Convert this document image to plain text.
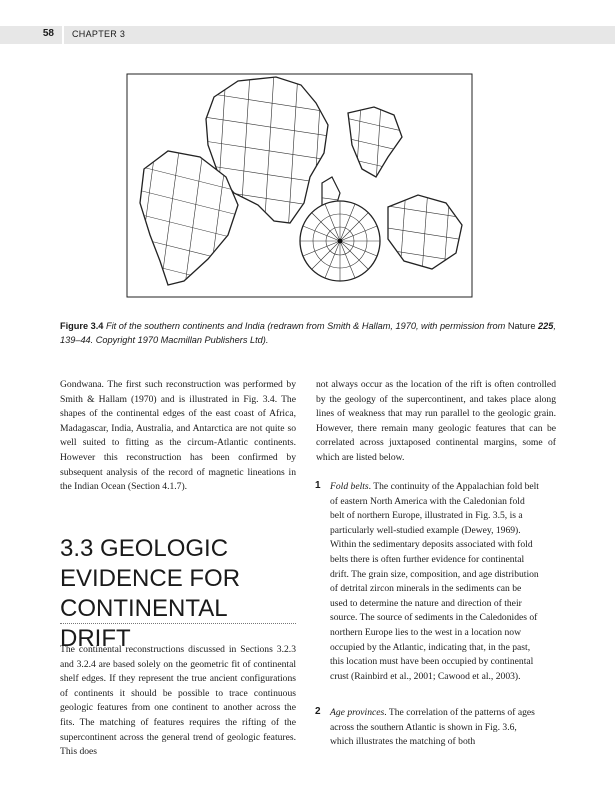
58 CHAPTER 3
Figure 3.4 Fit of the southern continents and India (redrawn from Smith & Hallam, 1970, with permission from Nature 225, 139–44. Copyright 1970 Macmillan Publishers Ltd).
Gondwana. The first such reconstruction was performed by Smith & Hallam (1970) and is illustrated in Fig. 3.4. The shapes of the continental edges of the east coast of Africa, Madagascar, India, Australia, and Antarctica are not quite so well suited to fitting as the circum-Atlantic continents. However this reconstruction has been confirmed by subsequent analysis of the record of magnetic lineations in the Indian Ocean (Section 4.1.7).
3.3 GEOLOGIC EVIDENCE FOR CONTINENTAL DRIFT
The continental reconstructions discussed in Sections 3.2.3 and 3.2.4 are based solely on the geometric fit of continental shelf edges. If they represent the true ancient configurations of continents it should be possible to trace continuous geologic features from one continent to another across the fits. The matching of features requires the rifting of the supercontinent across the general trend of geologic features. This does
not always occur as the location of the rift is often controlled by the geology of the supercontinent, and takes place along lines of weakness that may run parallel to the geologic grain. However, there remain many geologic features that can be correlated across juxtaposed continental margins, some of which are listed below.
1 Fold belts. The continuity of the Appalachian fold belt of eastern North America with the Caledonian fold belt of northern Europe, illustrated in Fig. 3.5, is a particularly well-studied example (Dewey, 1969). Within the sedimentary deposits associated with fold belts there is often further evidence for continental drift. The grain size, composition, and age distribution of detrital zircon minerals in the sediments can be used to determine the nature and direction of their source. The source of sediments in the Caledonides of northern Europe lies to the west in a location now occupied by the Atlantic, indicating that, in the past, this location must have been occupied by continental crust (Rainbird et al., 2001; Cawood et al., 2003).
2 Age provinces. The correlation of the patterns of ages across the southern Atlantic is shown in Fig. 3.6, which illustrates the matching of both
